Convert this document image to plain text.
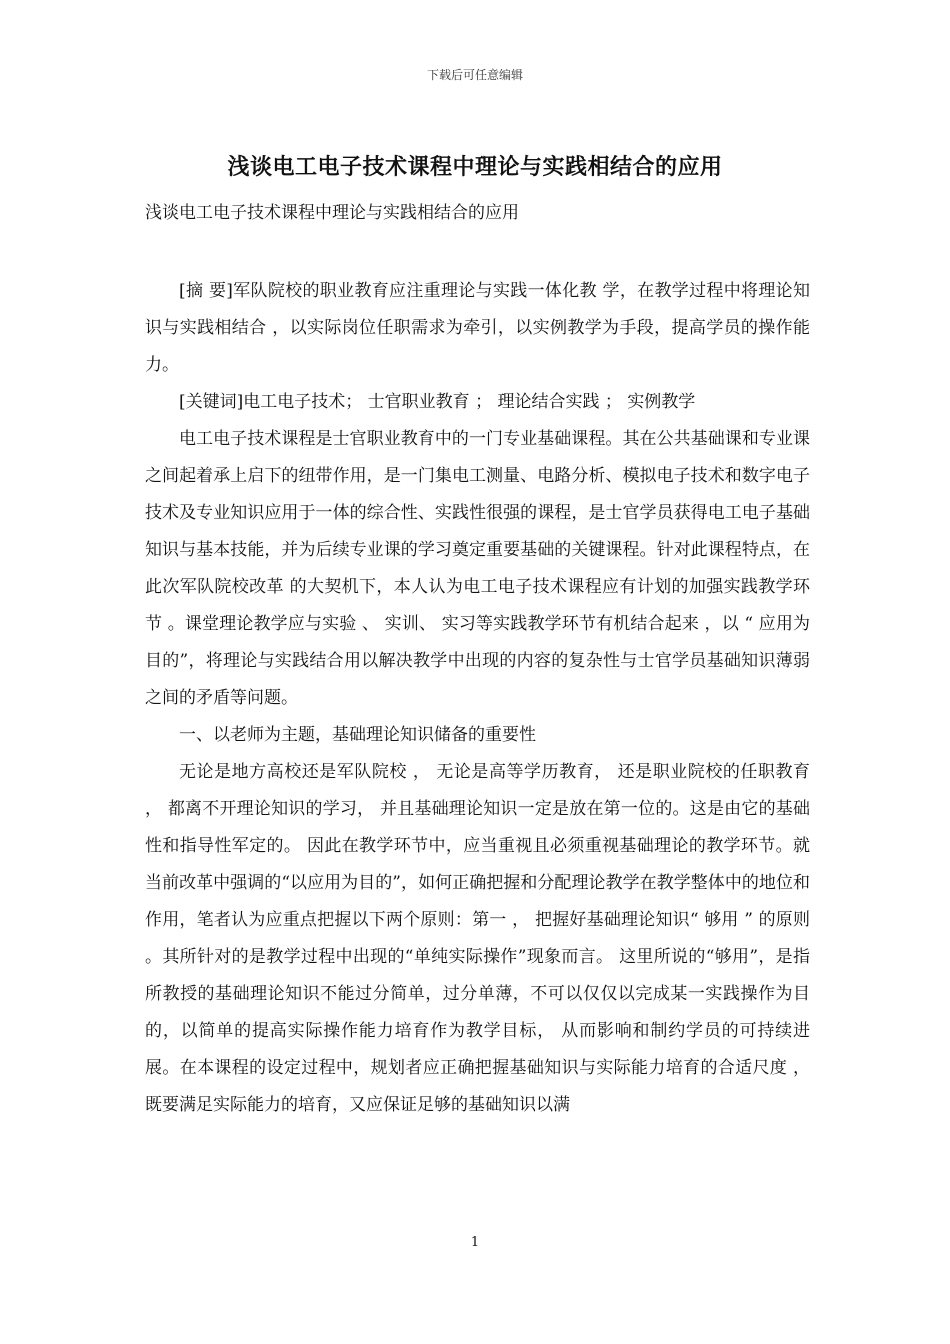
下载后可任意编辑
浅谈电工电子技术课程中理论与实践相结合的应用
浅谈电工电子技术课程中理论与实践相结合的应用

[摘 要]军队院校的职业教育应注重理论与实践一体化教 学，在教学过程中将理论知识与实践相结合 ，以实际岗位任职需求为牵引，以实例教学为手段，提高学员的操作能力。

[关键词]电工电子技术； 士官职业教育 ； 理论结合实践 ； 实例教学

电工电子技术课程是士官职业教育中的一门专业基础课程。其在公共基础课和专业课之间起着承上启下的纽带作用，是一门集电工测量、电路分析、模拟电子技术和数字电子技术及专业知识应用于一体的综合性、实践性很强的课程，是士官学员获得电工电子基础知识与基本技能，并为后续专业课的学习奠定重要基础的关键课程。针对此课程特点，在此次军队院校改革 的大契机下，本人认为电工电子技术课程应有计划的加强实践教学环节 。课堂理论教学应与实验 、 实训、 实习等实践教学环节有机结合起来 ，以 “ 应用为目的”，将理论与实践结合用以解决教学中出现的内容的复杂性与士官学员基础知识薄弱之间的矛盾等问题。

一、以老师为主题，基础理论知识储备的重要性

无论是地方高校还是军队院校 ， 无论是高等学历教育， 还是职业院校的任职教育 ， 都离不开理论知识的学习， 并且基础理论知识一定是放在第一位的。这是由它的基础性和指导性军定的。 因此在教学环节中，应当重视且必须重视基础理论的教学环节。就当前改革中强调的“以应用为目的”，如何正确把握和分配理论教学在教学整体中的地位和作用，笔者认为应重点把握以下两个原则：第一 ， 把握好基础理论知识“ 够用 ” 的原则 。其所针对的是教学过程中出现的“单纯实际操作”现象而言。 这里所说的“够用”，是指所教授的基础理论知识不能过分简单，过分单薄，不可以仅仅以完成某一实践操作为目的，以简单的提高实际操作能力培育作为教学目标， 从而影响和制约学员的可持续进展。在本课程的设定过程中，规划者应正确把握基础知识与实际能力培育的合适尺度 ，既要满足实际能力的培育，又应保证足够的基础知识以满

1
